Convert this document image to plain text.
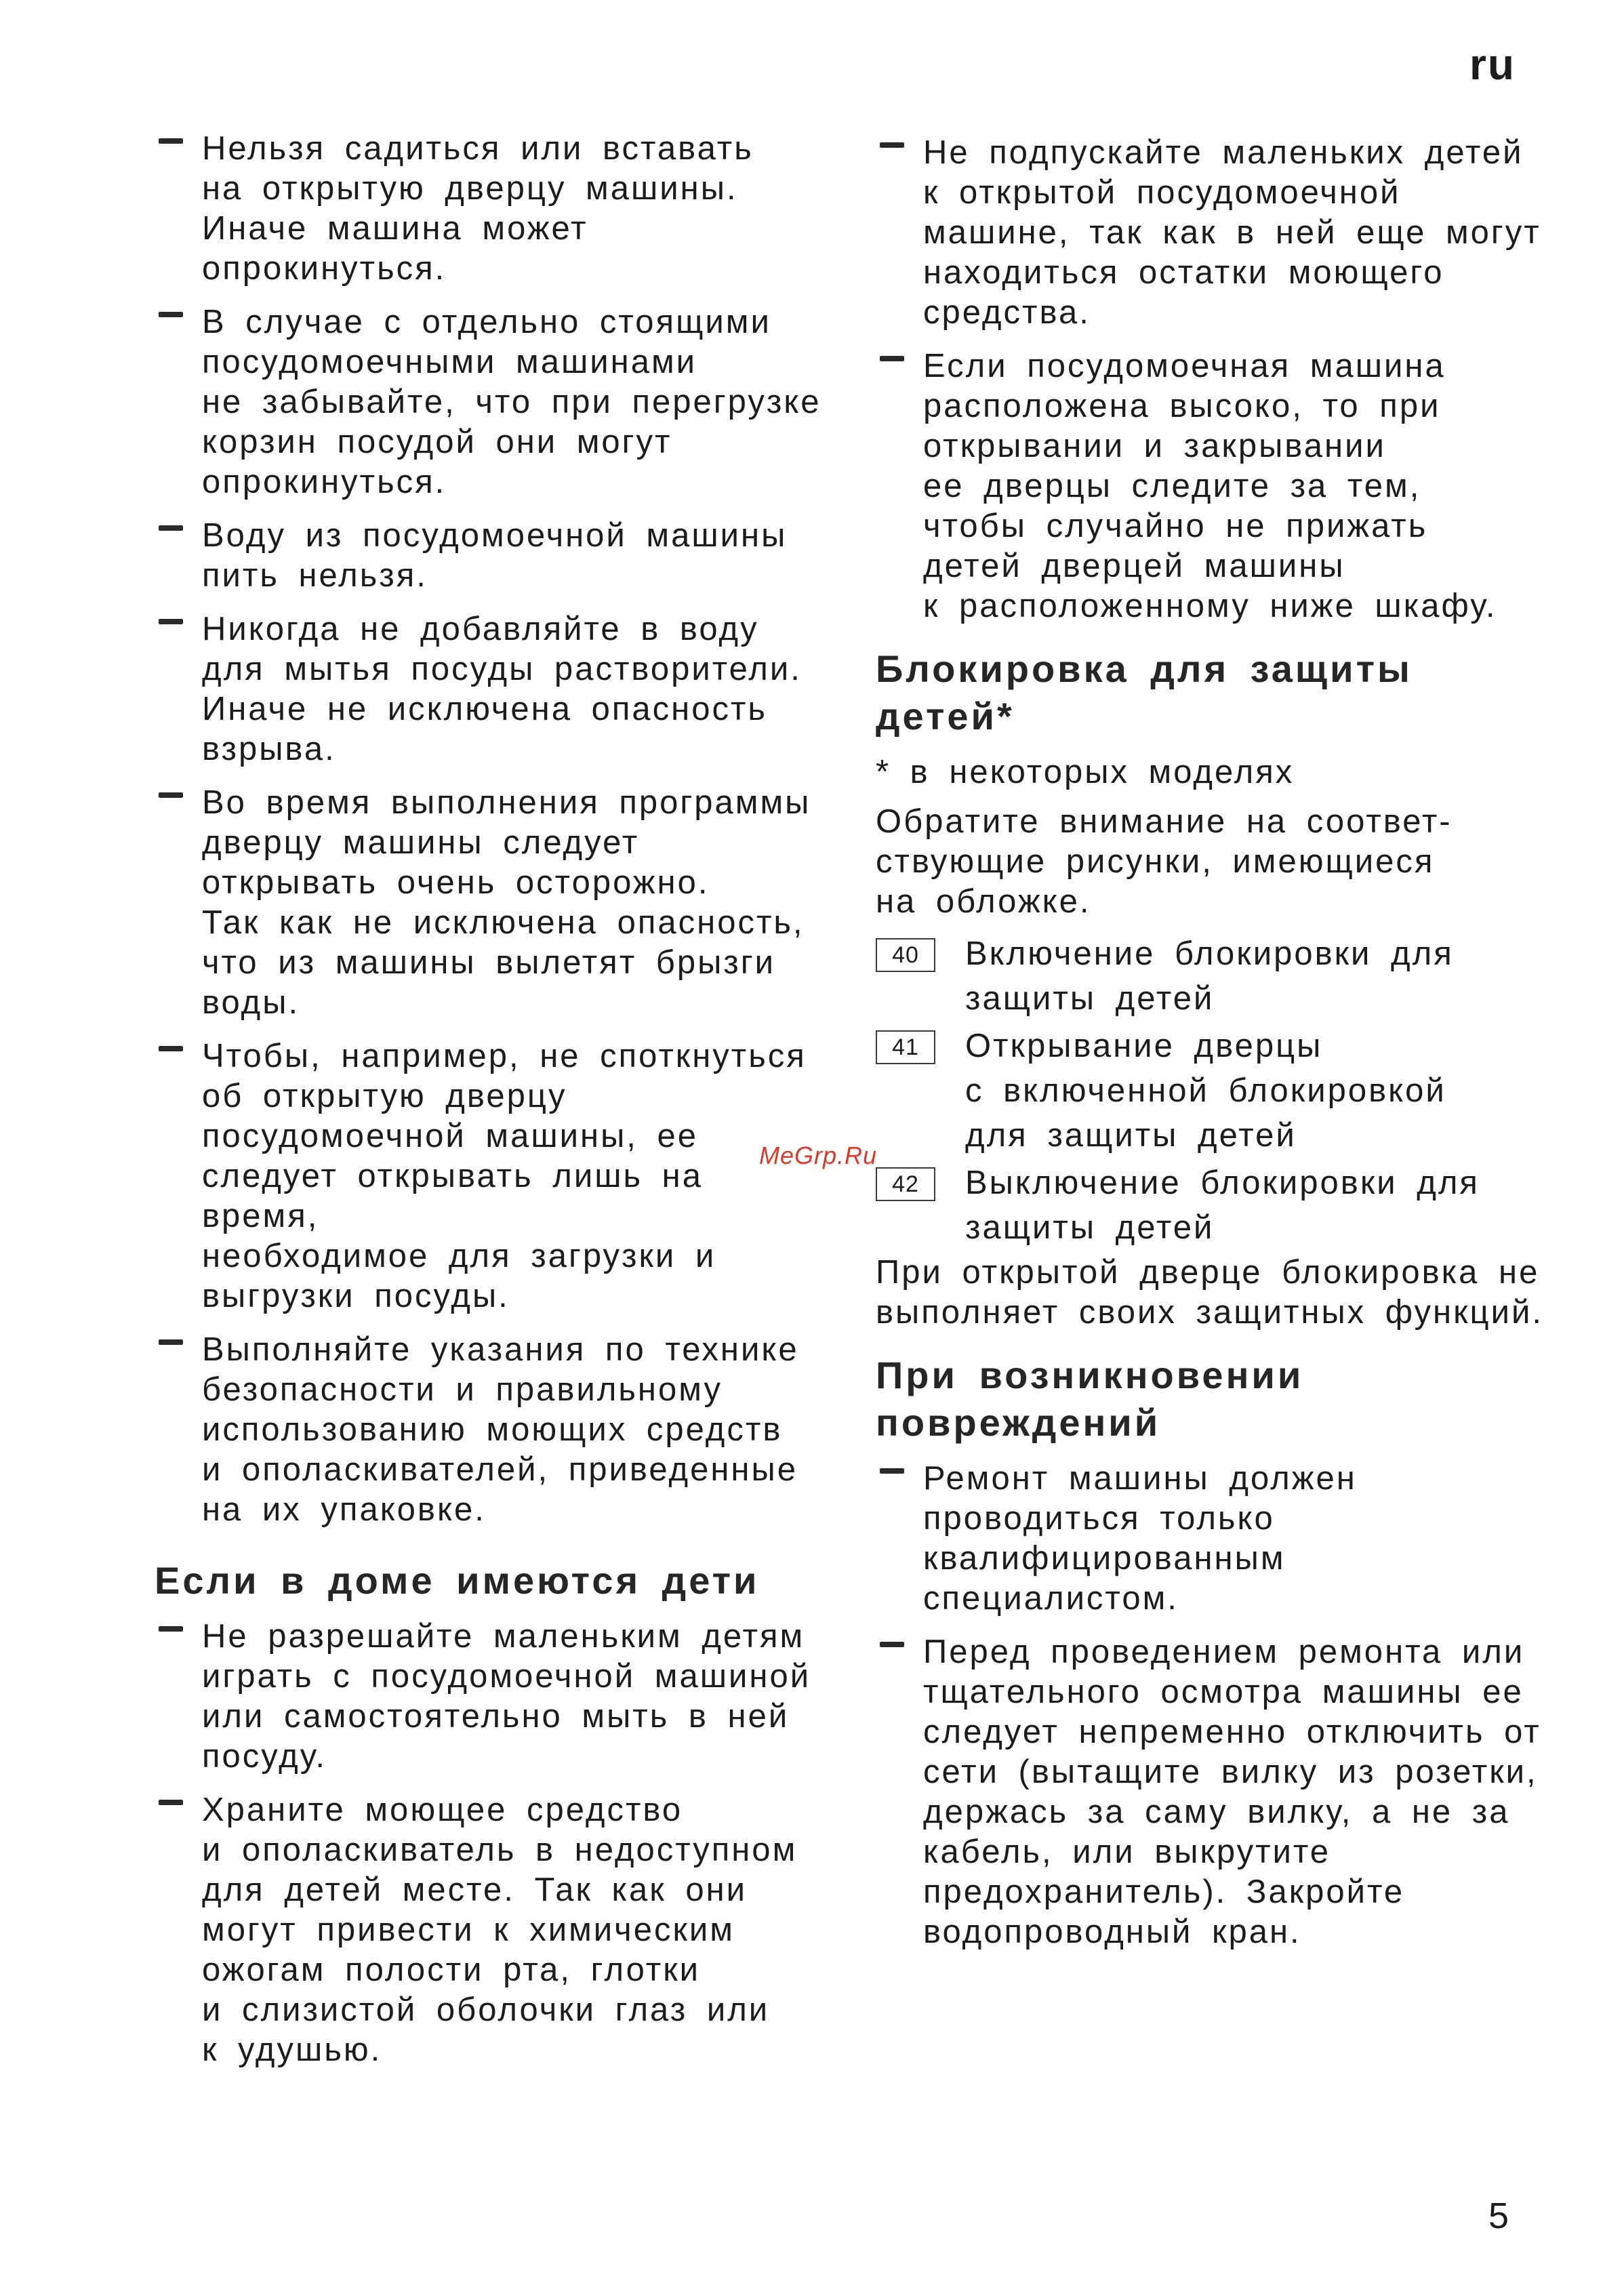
ru
Нельзя садиться или вставать
на открытую дверцу машины.
Иначе машина может
опрокинуться.
В случае с отдельно стоящими
посудомоечными машинами
не забывайте, что при перегрузке
корзин посудой они могут
опрокинуться.
Воду из посудомоечной машины
пить нельзя.
Никогда не добавляйте в воду
для мытья посуды растворители.
Иначе не исключена опасность
взрыва.
Во время выполнения программы
дверцу машины следует
открывать очень осторожно.
Так как не исключена опасность,
что из машины вылетят брызги
воды.
Чтобы, например, не споткнуться
об открытую дверцу
посудомоечной машины, ее
следует открывать лишь на время,
необходимое для загрузки и
выгрузки посуды.
Выполняйте указания по технике
безопасности и правильному
использованию моющих средств
и ополаскивателей, приведенные
на их упаковке.
Если в доме имеются дети
Не разрешайте маленьким детям
играть с посудомоечной машиной
или самостоятельно мыть в ней
посуду.
Храните моющее средство
и ополаскиватель в недоступном
для детей месте. Так как они
могут привести к химическим
ожогам полости рта, глотки
и слизистой оболочки глаз или
к удушью.
Не подпускайте маленьких детей
к открытой посудомоечной
машине, так как в ней еще могут
находиться остатки моющего
средства.
Если посудомоечная машина
расположена высоко, то при
открывании и закрывании
ее дверцы следите за тем,
чтобы случайно не прижать
детей дверцей машины
к расположенному ниже шкафу.
Блокировка для защиты
детей*
* в некоторых моделях
Обратите внимание на соответ-
ствующие рисунки, имеющиеся
на обложке.
40	Включение блокировки для
защиты детей
41	Открывание дверцы
с включенной блокировкой
для защиты детей
42	Выключение блокировки для
защиты детей
При открытой дверце блокировка не
выполняет своих защитных функций.
При возникновении
повреждений
Ремонт машины должен
проводиться только
квалифицированным
специалистом.
Перед проведением ремонта или
тщательного осмотра машины ее
следует непременно отключить от
сети (вытащите вилку из розетки,
держась за саму вилку, а не за
кабель, или выкрутите
предохранитель). Закройте
водопроводный кран.
MeGrp.Ru
5
